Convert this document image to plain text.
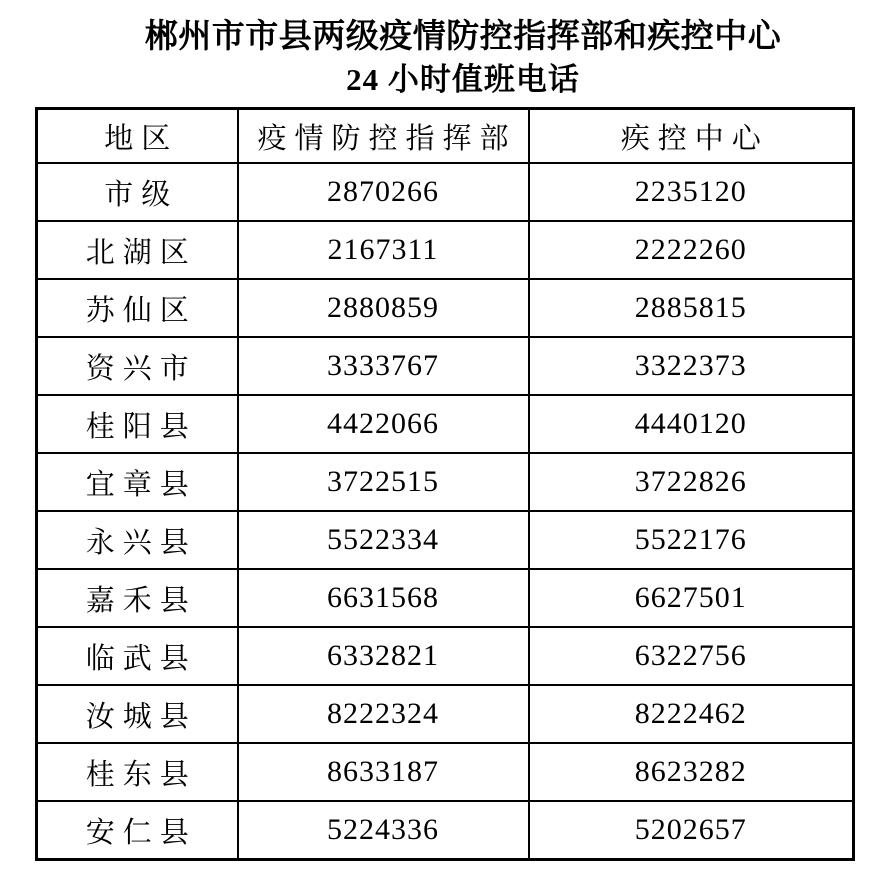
郴州市市县两级疫情防控指挥部和疾控中心
24 小时值班电话
地区	疫情防控指挥部	疾控中心
市级	2870266	2235120
北湖区	2167311	2222260
苏仙区	2880859	2885815
资兴市	3333767	3322373
桂阳县	4422066	4440120
宜章县	3722515	3722826
永兴县	5522334	5522176
嘉禾县	6631568	6627501
临武县	6332821	6322756
汝城县	8222324	8222462
桂东县	8633187	8623282
安仁县	5224336	5202657
